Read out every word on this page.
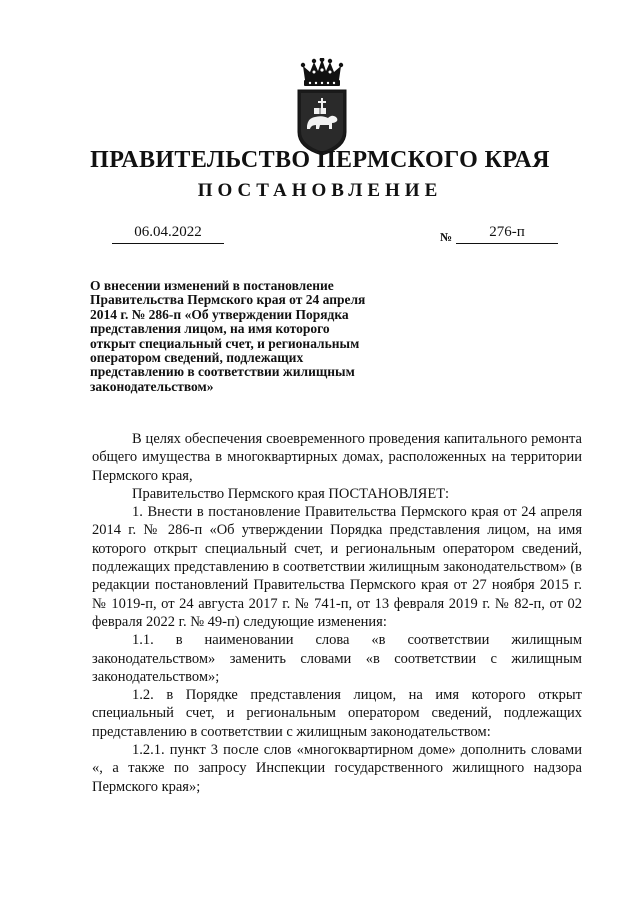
ПРАВИТЕЛЬСТВО ПЕРМСКОГО КРАЯ
ПОСТАНОВЛЕНИЕ
06.04.2022	№	276-п
О внесении изменений в постановление
Правительства Пермского края от 24 апреля
2014 г. № 286-п «Об утверждении Порядка
представления лицом, на имя которого
открыт специальный счет, и региональным
оператором сведений, подлежащих
представлению в соответствии жилищным
законодательством»

В целях обеспечения своевременного проведения капитального ремонта общего имущества в многоквартирных домах, расположенных на территории Пермского края,

Правительство Пермского края ПОСТАНОВЛЯЕТ:

1. Внести в постановление Правительства Пермского края от 24 апреля 2014 г. № 286-п «Об утверждении Порядка представления лицом, на имя которого открыт специальный счет, и региональным оператором сведений, подлежащих представлению в соответствии жилищным законодательством» (в редакции постановлений Правительства Пермского края от 27 ноября 2015 г. № 1019-п, от 24 августа 2017 г. № 741-п, от 13 февраля 2019 г. № 82-п, от 02 февраля 2022 г. № 49-п) следующие изменения:

1.1. в наименовании слова «в соответствии жилищным законодательством» заменить словами «в соответствии с жилищным законодательством»;

1.2. в Порядке представления лицом, на имя которого открыт специальный счет, и региональным оператором сведений, подлежащих представлению в соответствии с жилищным законодательством:

1.2.1. пункт 3 после слов «многоквартирном доме» дополнить словами «, а также по запросу Инспекции государственного жилищного надзора Пермского края»;
